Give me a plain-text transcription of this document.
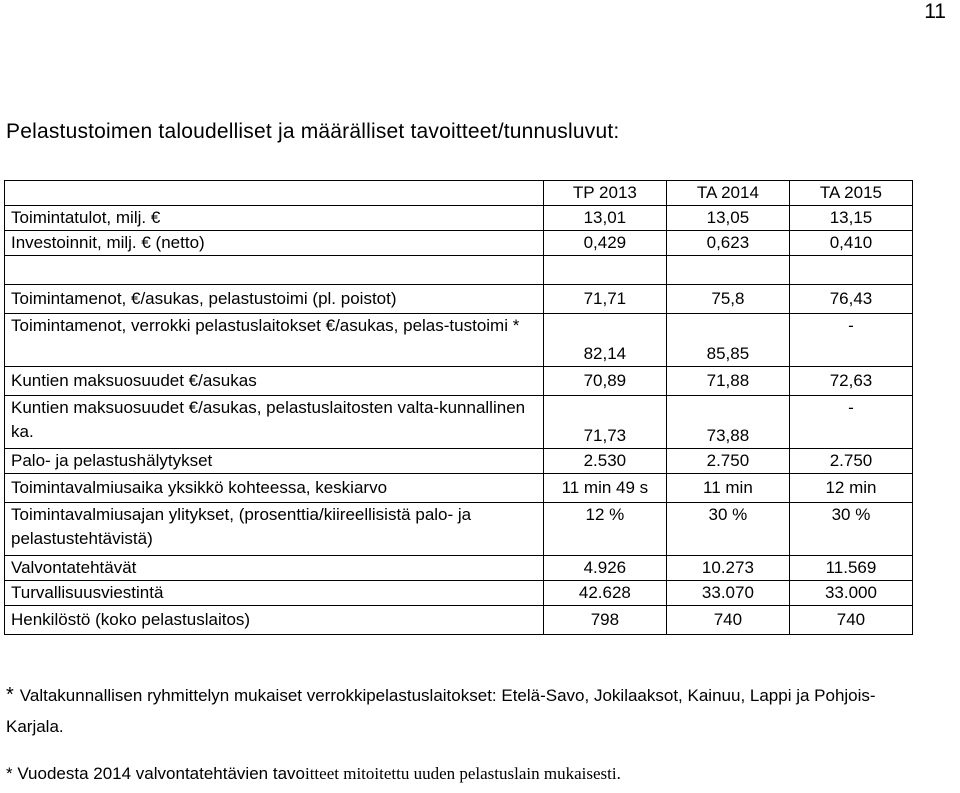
11
Pelastustoimen taloudelliset ja määrälliset tavoitteet/tunnusluvut:
	TP 2013	TA 2014	TA 2015
Toimintatulot, milj. €	13,01	13,05	13,15
Investoinnit, milj. € (netto)	0,429	0,623	0,410

Toimintamenot, €/asukas, pelastustoimi (pl. poistot)	71,71	75,8	76,43
Toimintamenot, verrokki pelastuslaitokset €/asukas, pelas-tustoimi *	82,14	85,85	-
Kuntien maksuosuudet €/asukas	70,89	71,88	72,63
Kuntien maksuosuudet €/asukas, pelastuslaitosten valta-kunnallinen ka.	71,73	73,88	-
Palo- ja pelastushälytykset	2.530	2.750	2.750
Toimintavalmiusaika yksikkö kohteessa, keskiarvo	11 min 49 s	11 min	12 min
Toimintavalmiusajan ylitykset, (prosenttia/kiireellisistä palo- ja pelastustehtävistä)	12 %	30 %	30 %
Valvontatehtävät	4.926	10.273	11.569
Turvallisuusviestintä	42.628	33.070	33.000
Henkilöstö (koko pelastuslaitos)	798	740	740
* Valtakunnallisen ryhmittelyn mukaiset verrokkipelastuslaitokset: Etelä-Savo, Jokilaaksot, Kainuu, Lappi ja Pohjois-Karjala.
* Vuodesta 2014 valvontatehtävien tavoitteet mitoitettu uuden pelastuslain mukaisesti.
